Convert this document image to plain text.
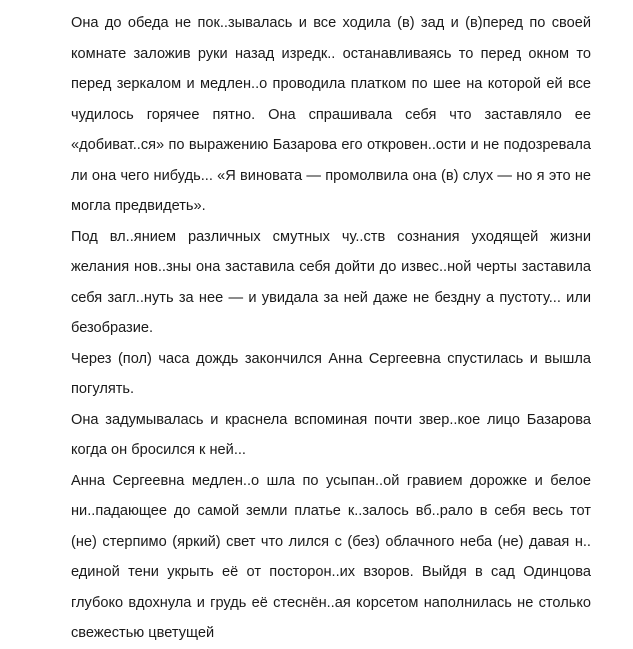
Она до обеда не пок..зывалась и все ходила (в) зад и (в)перед по своей комнате заложив руки назад изредк.. останавливаясь то перед окном то перед зеркалом и медлен..о проводила платком по шее на которой ей все чудилось горячее пятно. Она спрашивала себя что заставляло ее «добиват..ся» по выражению Базарова его откровен..ости и не подозревала ли она чего нибудь... «Я виновата — промолвила она (в) слух — но я это не могла предвидеть».

Под вл..янием различных смутных чу..ств сознания уходящей жизни желания нов..зны она заставила себя дойти до извес..ной черты заставила себя загл..нуть за нее — и увидала за ней даже не бездну а пустоту... или безобразие.

Через (пол) часа дождь закончился Анна Сергеевна спустилась и вышла погулять.

Она задумывалась и краснела вспоминая почти звер..кое лицо Базарова когда он бросился к ней...

Анна Сергеевна медлен..о шла по усыпан..ой гравием дорожке и белое ни..падающее до самой земли платье к..залось вб..рало в себя весь тот (не) стерпимо (яркий) свет что лился с (без) облачного неба (не) давая н.. единой тени укрыть её от посторон..их взоров. Выйдя в сад Одинцова глубоко вдохнула и грудь её стеснён..ая корсетом наполнилась не столько свежестью цветущей
